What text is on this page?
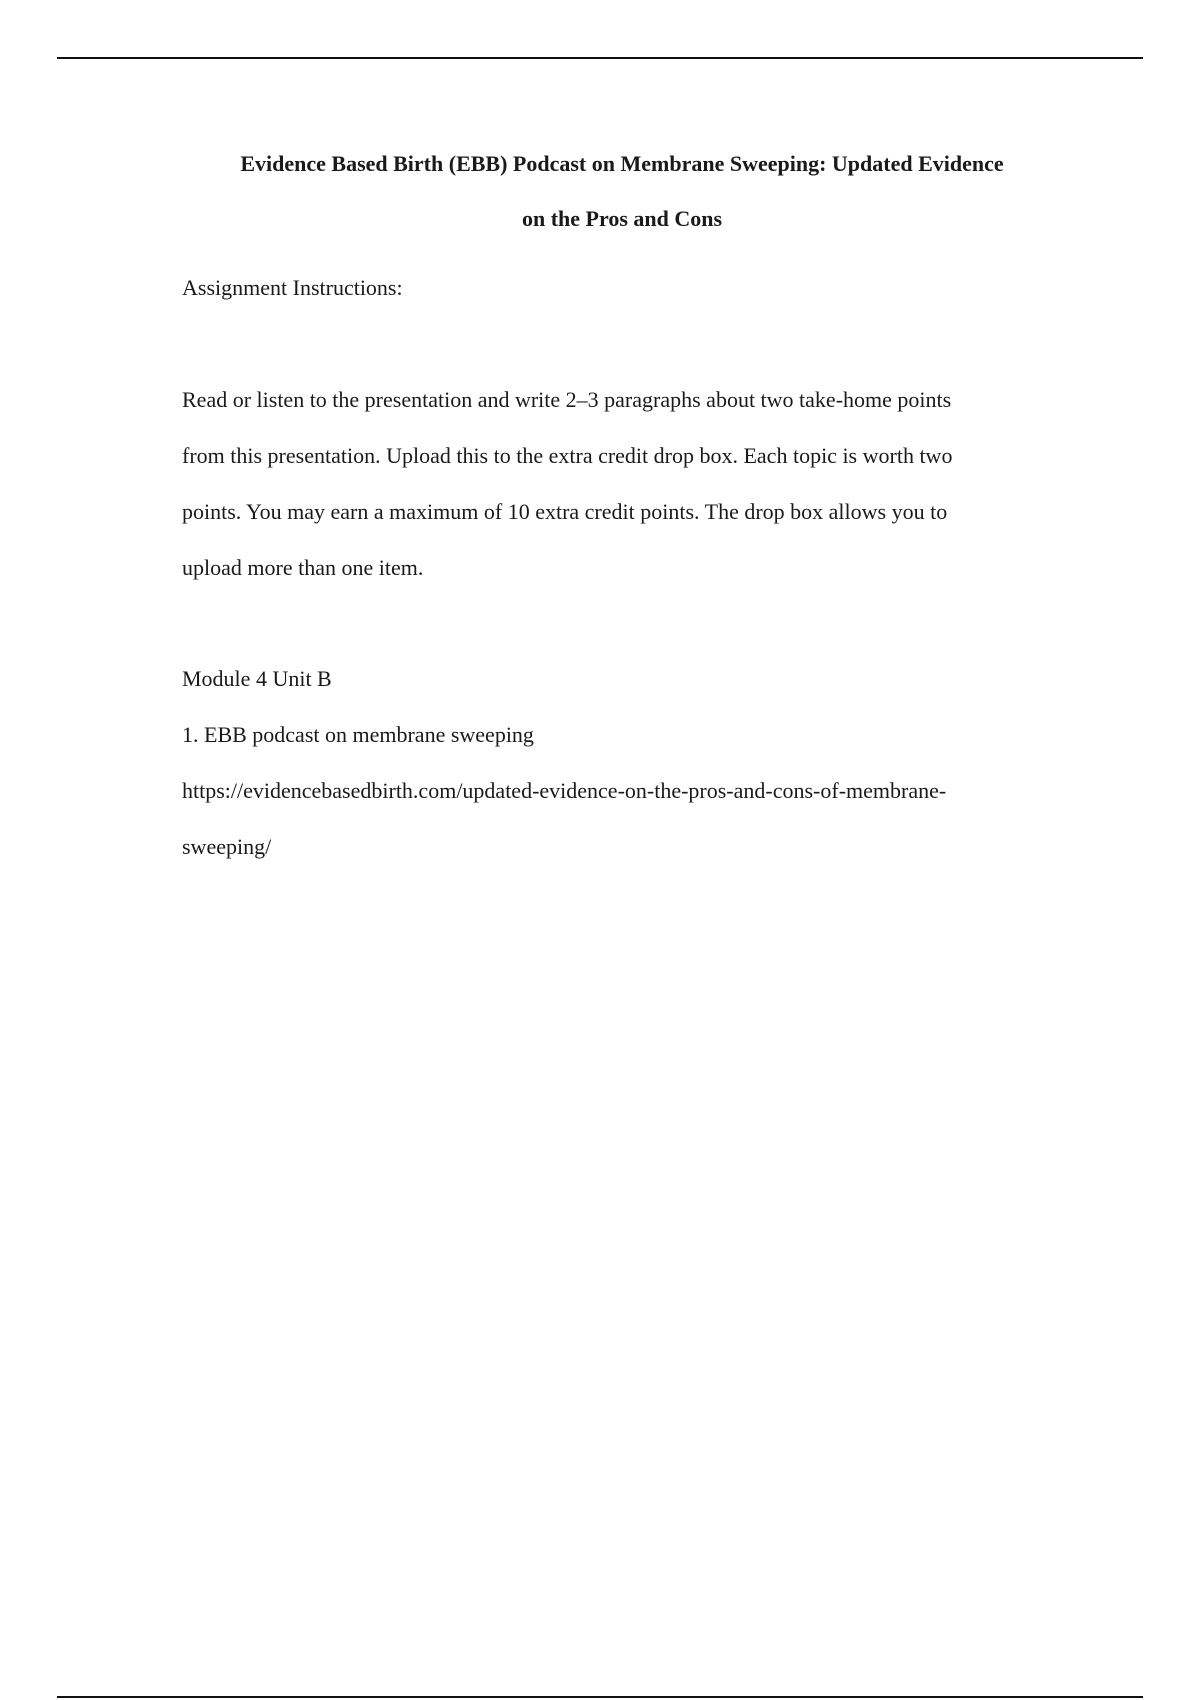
Evidence Based Birth (EBB) Podcast on Membrane Sweeping: Updated Evidence
on the Pros and Cons

Assignment Instructions:

Read or listen to the presentation and write 2–3 paragraphs about two take-home points
from this presentation. Upload this to the extra credit drop box. Each topic is worth two
points. You may earn a maximum of 10 extra credit points. The drop box allows you to
upload more than one item.

Module 4 Unit B

1. EBB podcast on membrane sweeping

https://evidencebasedbirth.com/updated-evidence-on-the-pros-and-cons-of-membrane-
sweeping/
